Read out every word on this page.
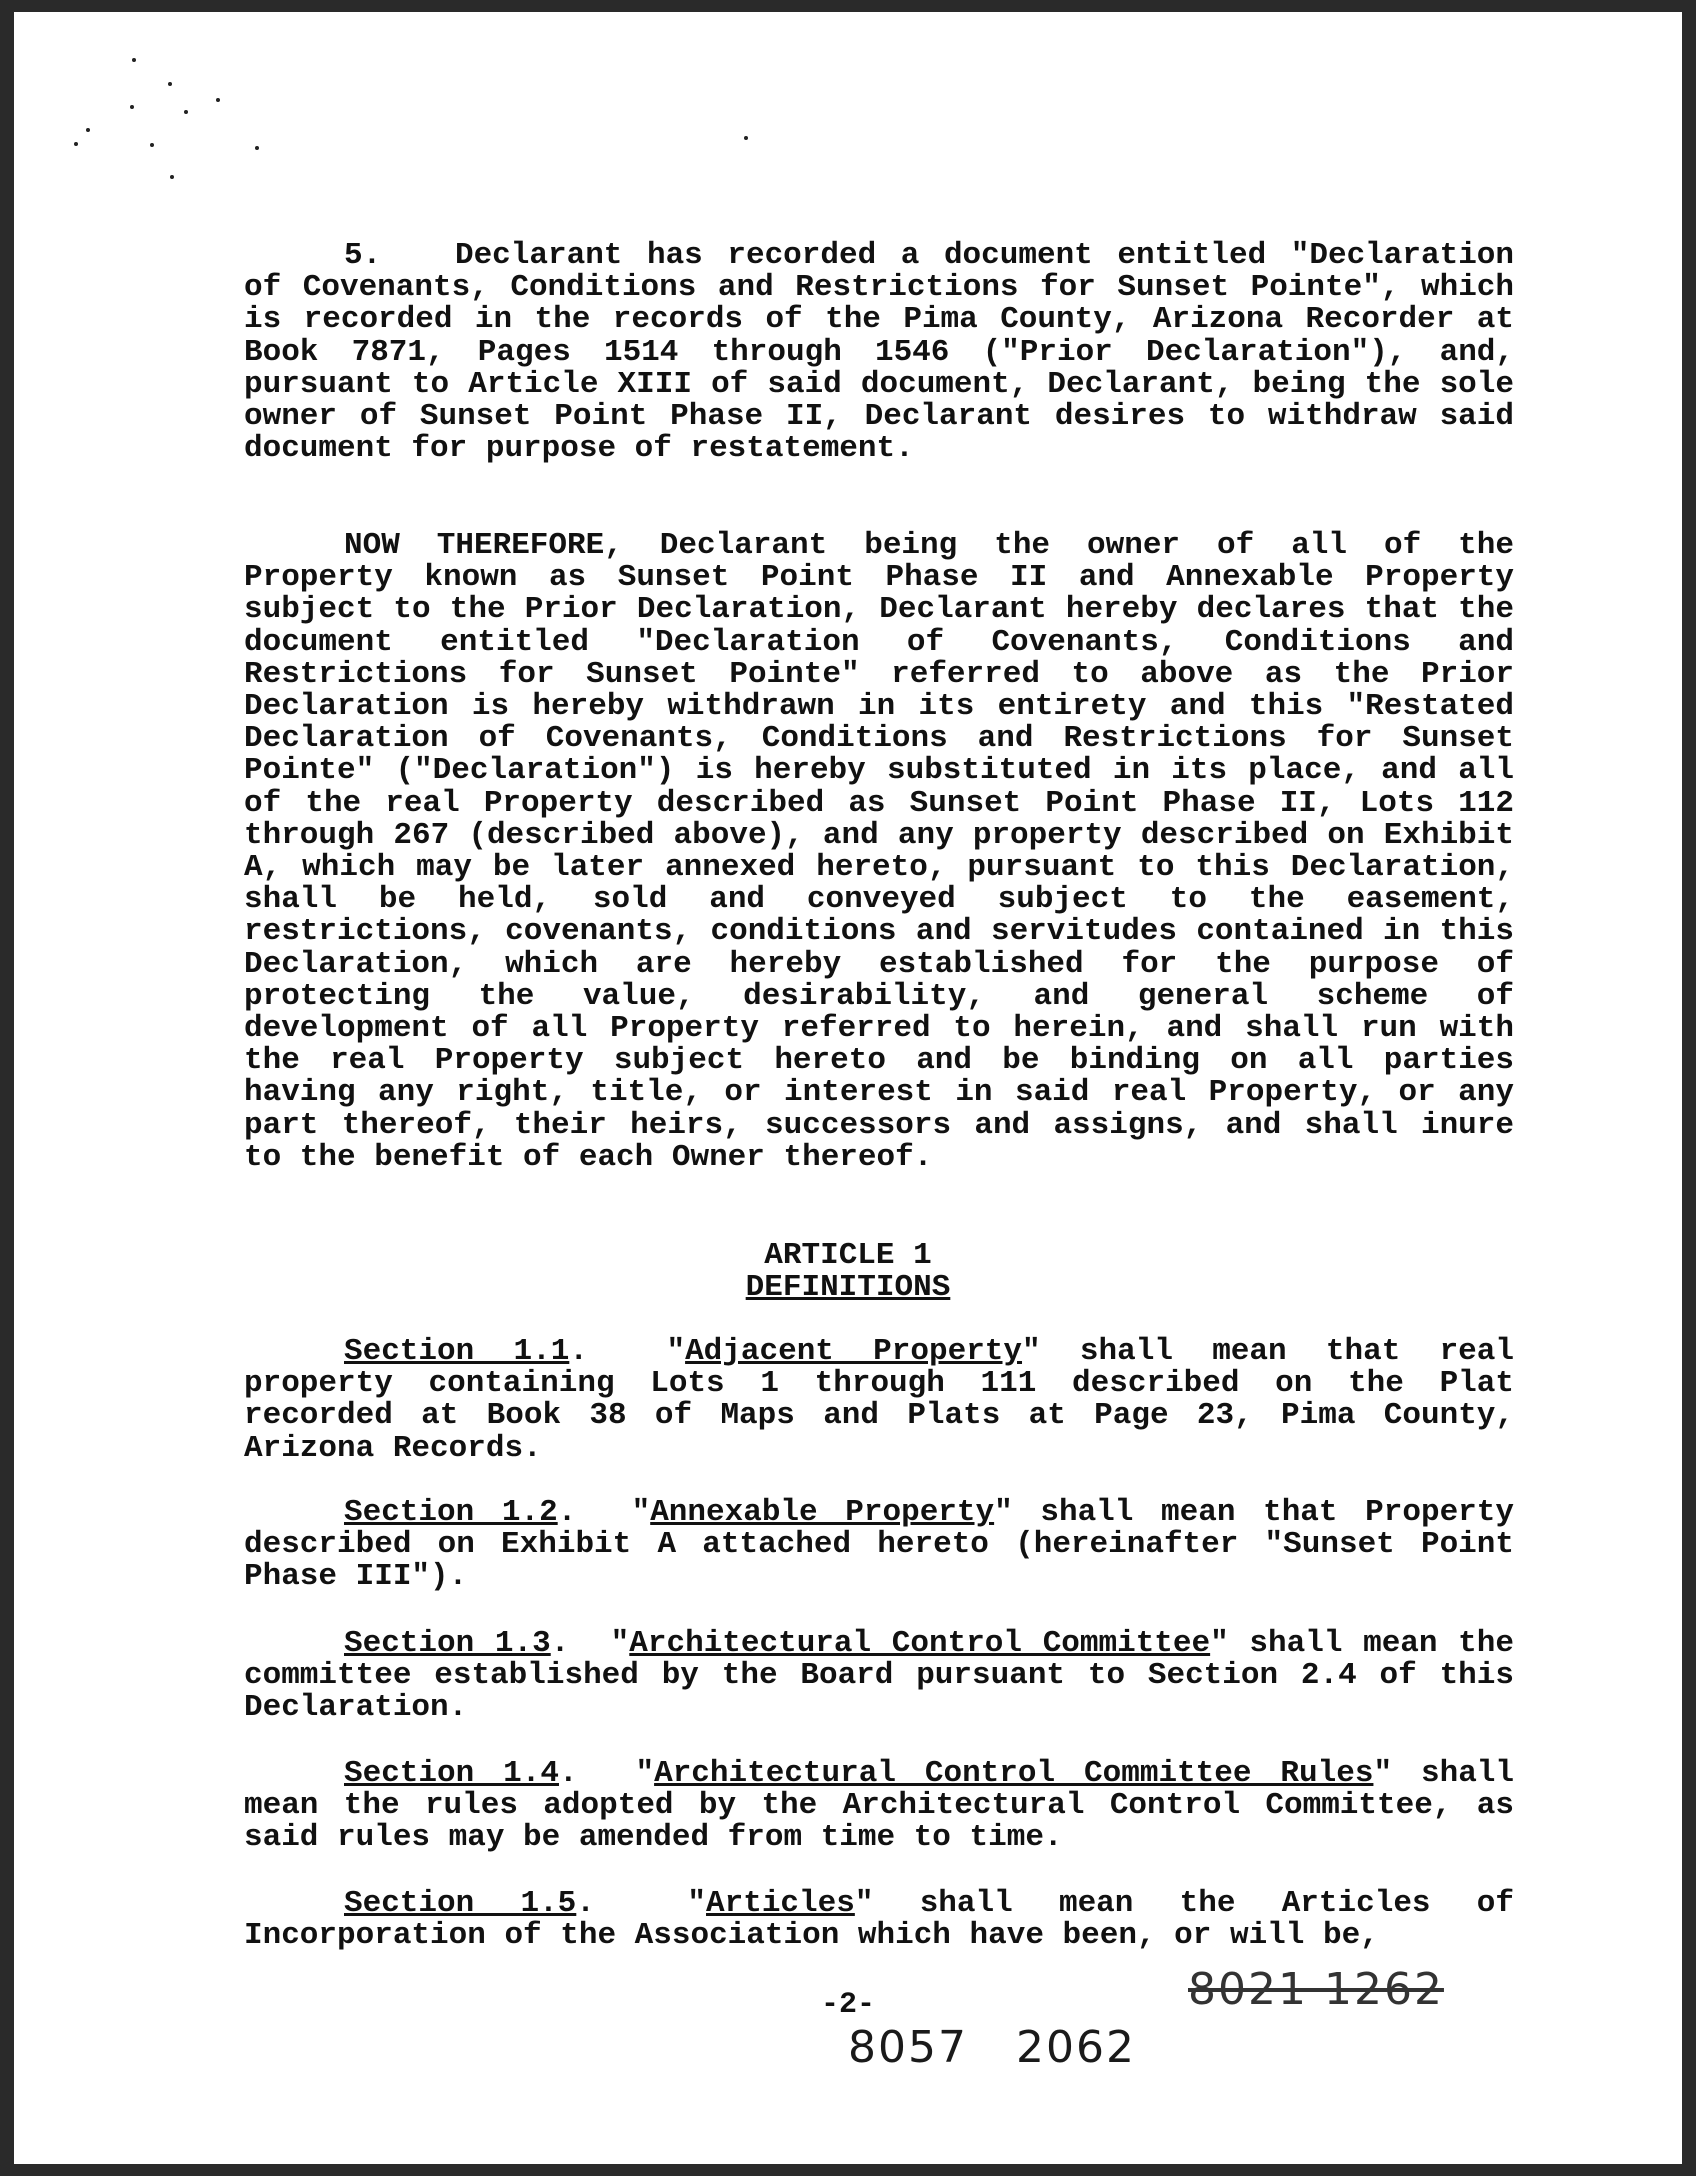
5. Declarant has recorded a document entitled "Declaration of Covenants, Conditions and Restrictions for Sunset Pointe", which is recorded in the records of the Pima County, Arizona Recorder at Book 7871, Pages 1514 through 1546 ("Prior Declaration"), and, pursuant to Article XIII of said document, Declarant, being the sole owner of Sunset Point Phase II, Declarant desires to withdraw said document for purpose of restatement.
NOW THEREFORE, Declarant being the owner of all of the Property known as Sunset Point Phase II and Annexable Property subject to the Prior Declaration, Declarant hereby declares that the document entitled "Declaration of Covenants, Conditions and Restrictions for Sunset Pointe" referred to above as the Prior Declaration is hereby withdrawn in its entirety and this "Restated Declaration of Covenants, Conditions and Restrictions for Sunset Pointe" ("Declaration") is hereby substituted in its place, and all of the real Property described as Sunset Point Phase II, Lots 112 through 267 (described above), and any property described on Exhibit A, which may be later annexed hereto, pursuant to this Declaration, shall be held, sold and conveyed subject to the easement, restrictions, covenants, conditions and servitudes contained in this Declaration, which are hereby established for the purpose of protecting the value, desirability, and general scheme of development of all Property referred to herein, and shall run with the real Property subject hereto and be binding on all parties having any right, title, or interest in said real Property, or any part thereof, their heirs, successors and assigns, and shall inure to the benefit of each Owner thereof.
ARTICLE 1
DEFINITIONS
Section 1.1.  "Adjacent Property" shall mean that real property containing Lots 1 through 111 described on the Plat recorded at Book 38 of Maps and Plats at Page 23, Pima County, Arizona Records.
Section 1.2.  "Annexable Property" shall mean that Property described on Exhibit A attached hereto (hereinafter "Sunset Point Phase III").
Section 1.3.  "Architectural Control Committee" shall mean the committee established by the Board pursuant to Section 2.4 of this Declaration.
Section 1.4.  "Architectural Control Committee Rules" shall mean the rules adopted by the Architectural Control Committee, as said rules may be amended from time to time.
Section 1.5.  "Articles" shall mean the Articles of Incorporation of the Association which have been, or will be,
-2-
8057 2062
8021 1262
